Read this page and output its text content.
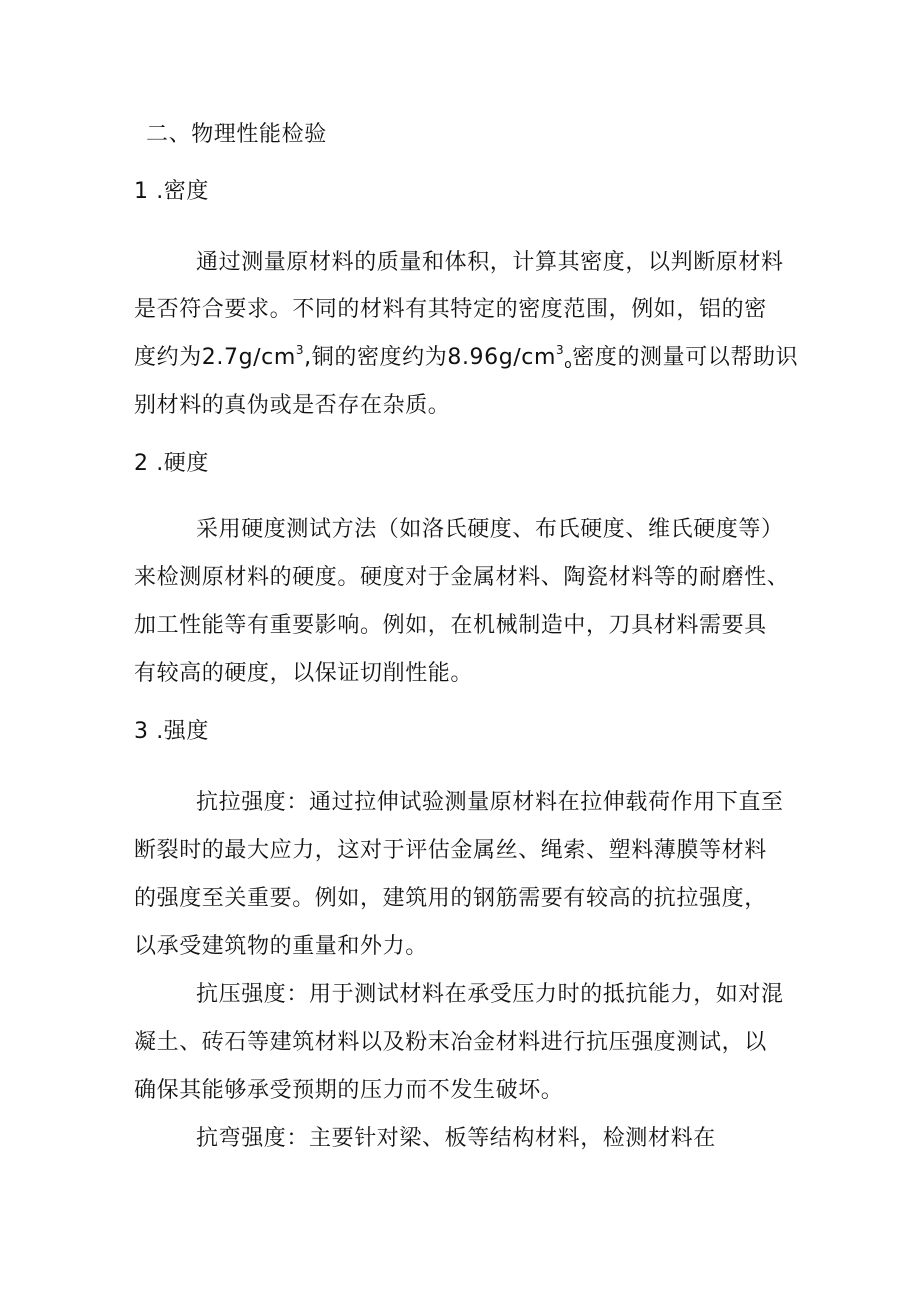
二、物理性能检验

1 .密度

通过测量原材料的质量和体积，计算其密度，以判断原材料

是否符合要求。不同的材料有其特定的密度范围，例如，铝的密

度约为$2.7g∕cm^3$,铜的密度约为$8.96g∕cm^3o$密度的测量可以帮助识

别材料的真伪或是否存在杂质。

2 .硬度

采用硬度测试方法（如洛氏硬度、布氏硬度、维氏硬度等）

来检测原材料的硬度。硬度对于金属材料、陶瓷材料等的耐磨性、

加工性能等有重要影响。例如，在机械制造中，刀具材料需要具

有较高的硬度，以保证切削性能。

3 .强度

抗拉强度：通过拉伸试验测量原材料在拉伸载荷作用下直至

断裂时的最大应力，这对于评估金属丝、绳索、塑料薄膜等材料

的强度至关重要。例如，建筑用的钢筋需要有较高的抗拉强度，

以承受建筑物的重量和外力。

抗压强度：用于测试材料在承受压力时的抵抗能力，如对混

凝土、砖石等建筑材料以及粉末冶金材料进行抗压强度测试，以

确保其能够承受预期的压力而不发生破坏。

抗弯强度：主要针对梁、板等结构材料，检测材料在
